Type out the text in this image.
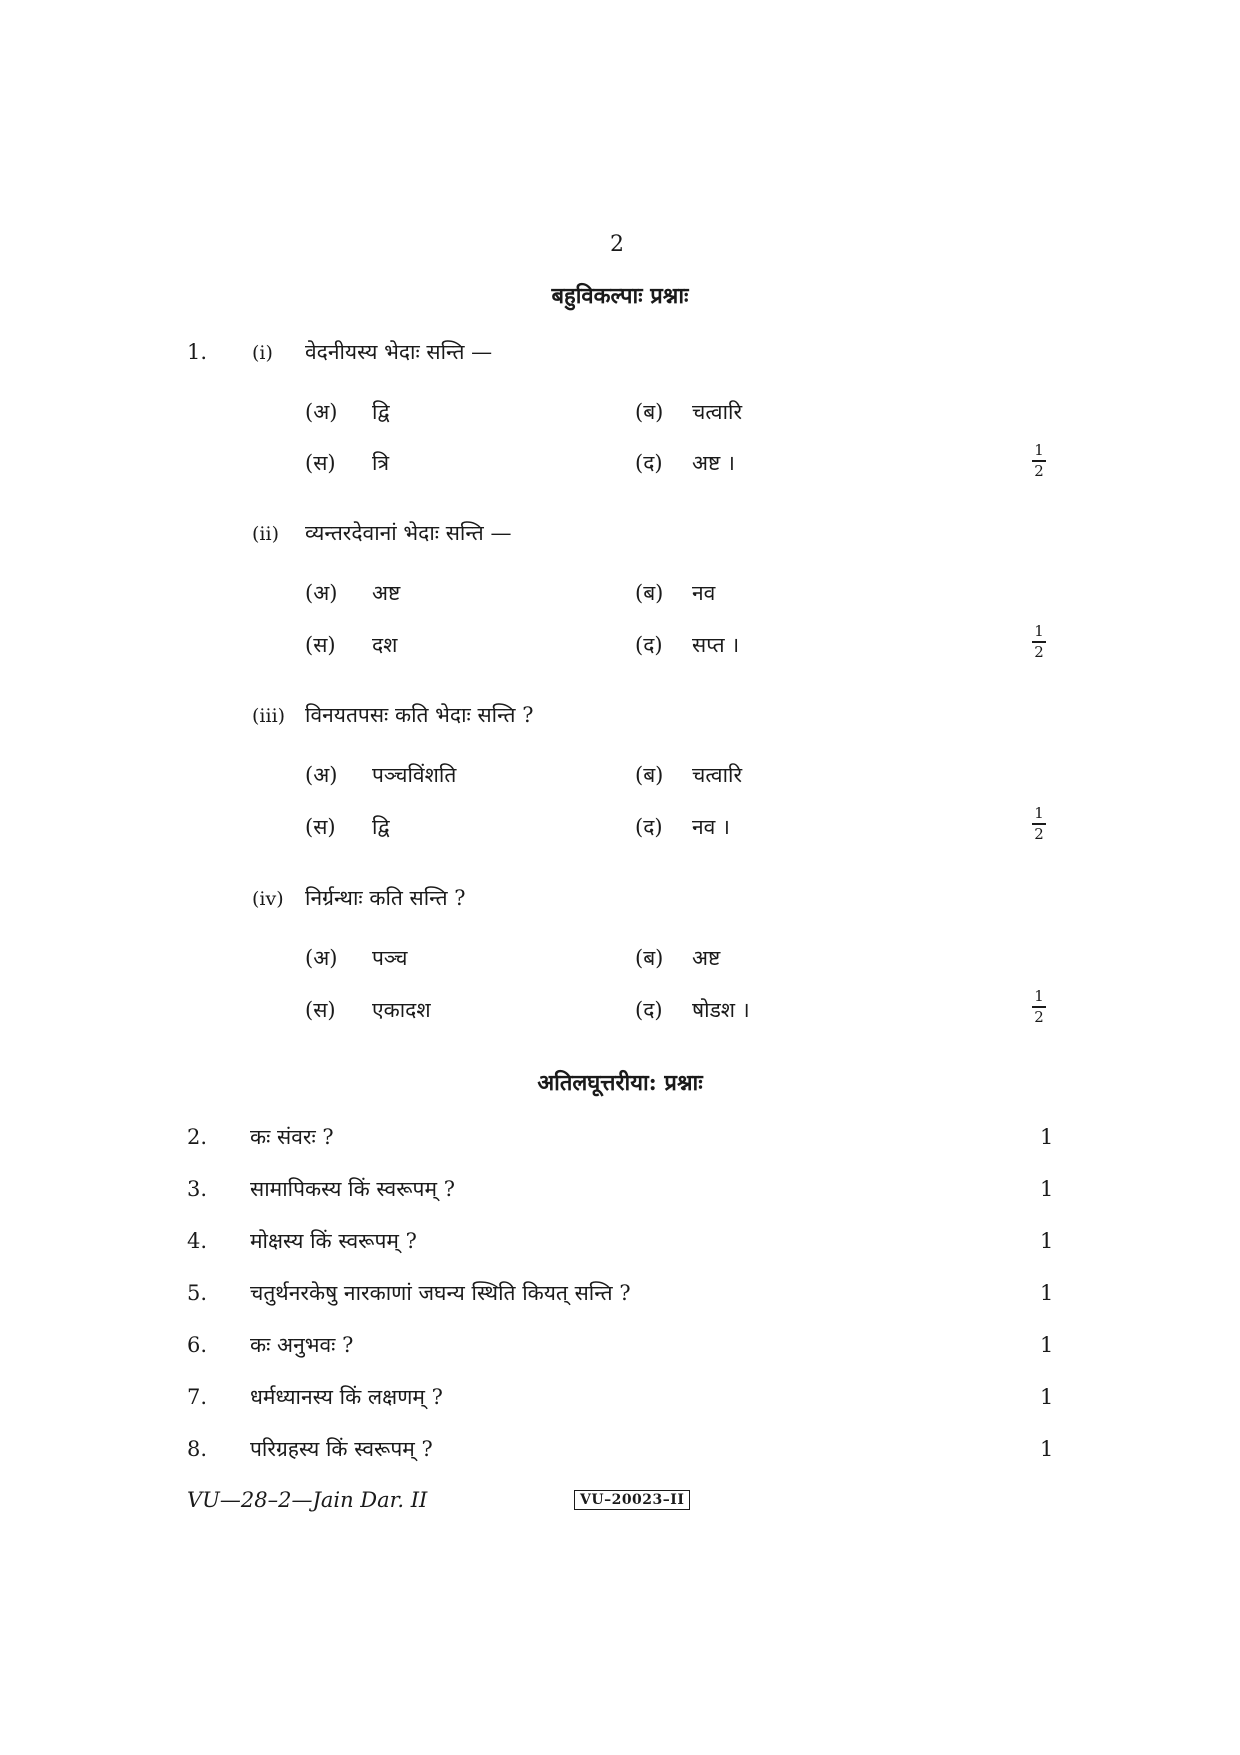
2
बहुविकल्पाः प्रश्नाः
1. (i) वेदनीयस्य भेदाः सन्ति —
(अ) द्वि	(ब) चत्वारि
(स) त्रि	(द) अष्ट ।
1
2
(ii) व्यन्तरदेवानां भेदाः सन्ति —
(अ) अष्ट	(ब) नव
(स) दश	(द) सप्त ।
1
2
(iii) विनयतपसः कति भेदाः सन्ति ?
(अ) पञ्चविंशति	(ब) चत्वारि
(स) द्वि	(द) नव ।
1
2
(iv) निर्ग्रन्थाः कति सन्ति ?
(अ) पञ्च	(ब) अष्ट
(स) एकादश	(द) षोडश ।
1
2
अतिलघूत्तरीया: प्रश्नाः
2. कः संवरः ?	1
3. सामापिकस्य किं स्वरूपम् ?	1
4. मोक्षस्य किं स्वरूपम् ?	1
5. चतुर्थनरकेषु नारकाणां जघन्य स्थिति कियत् सन्ति ?	1
6. कः अनुभवः ?	1
7. धर्मध्यानस्य किं लक्षणम् ?	1
8. परिग्रहस्य किं स्वरूपम् ?	1
VU—28–2—Jain Dar. II	VU–20023–II
